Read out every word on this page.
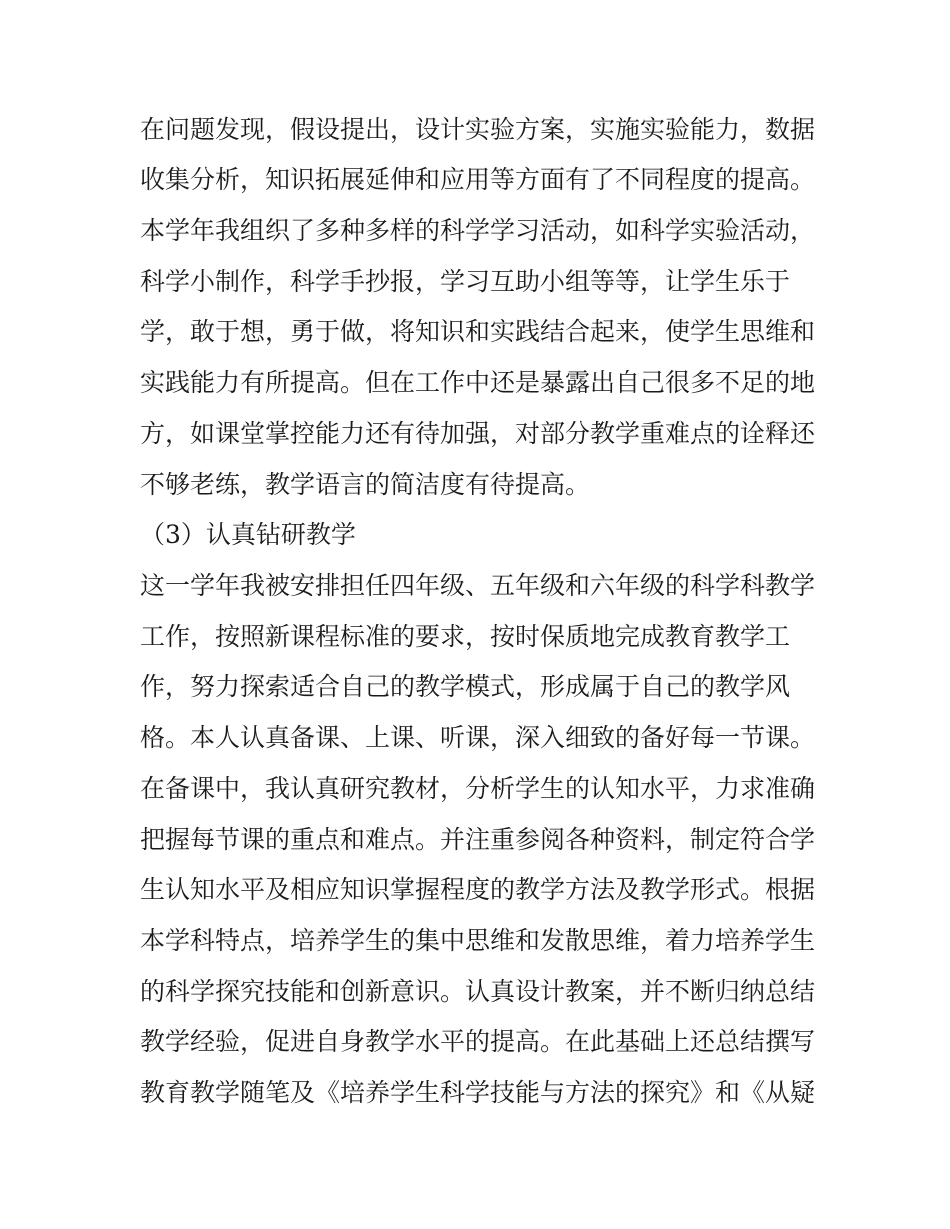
在问题发现，假设提出，设计实验方案，实施实验能力，数据
收集分析，知识拓展延伸和应用等方面有了不同程度的提高。
本学年我组织了多种多样的科学学习活动，如科学实验活动，
科学小制作，科学手抄报，学习互助小组等等，让学生乐于
学，敢于想，勇于做，将知识和实践结合起来，使学生思维和
实践能力有所提高。但在工作中还是暴露出自己很多不足的地
方，如课堂掌控能力还有待加强，对部分教学重难点的诠释还
不够老练，教学语言的简洁度有待提高。
（3）认真钻研教学
这一学年我被安排担任四年级、五年级和六年级的科学科教学
工作，按照新课程标准的要求，按时保质地完成教育教学工
作，努力探索适合自己的教学模式，形成属于自己的教学风
格。本人认真备课、上课、听课，深入细致的备好每一节课。
在备课中，我认真研究教材，分析学生的认知水平，力求准确
把握每节课的重点和难点。并注重参阅各种资料，制定符合学
生认知水平及相应知识掌握程度的教学方法及教学形式。根据
本学科特点，培养学生的集中思维和发散思维，着力培养学生
的科学探究技能和创新意识。认真设计教案，并不断归纳总结
教学经验，促进自身教学水平的提高。在此基础上还总结撰写
教育教学随笔及《培养学生科学技能与方法的探究》和《从疑
